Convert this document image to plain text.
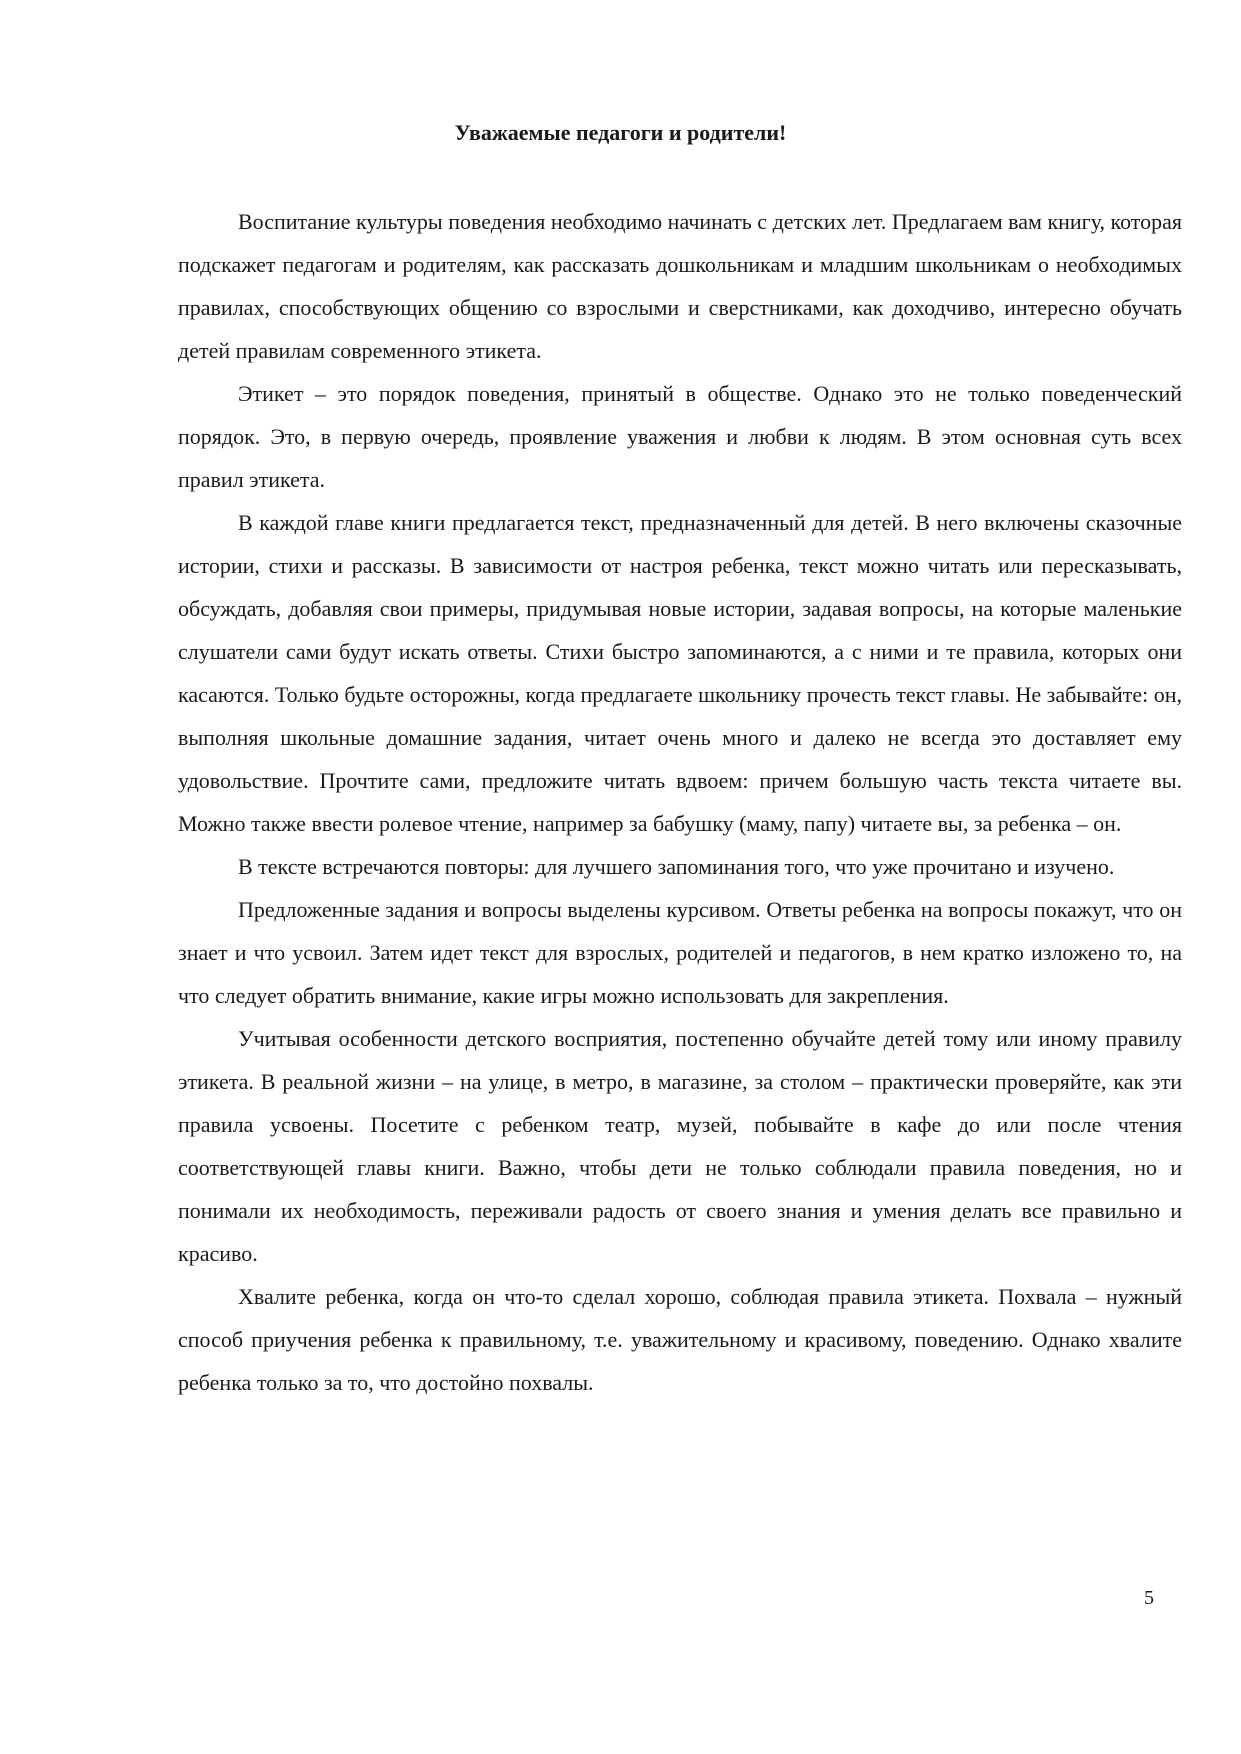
Уважаемые педагоги и родители!

Воспитание культуры поведения необходимо начинать с детских лет. Предлагаем вам книгу, которая подскажет педагогам и родителям, как рассказать дошкольникам и младшим школьникам о необходимых правилах, способствующих общению со взрослыми и сверстниками, как доходчиво, интересно обучать детей правилам современного этикета.

Этикет – это порядок поведения, принятый в обществе. Однако это не только поведенческий порядок. Это, в первую очередь, проявление уважения и любви к людям. В этом основная суть всех правил этикета.

В каждой главе книги предлагается текст, предназначенный для детей. В него включены сказочные истории, стихи и рассказы. В зависимости от настроя ребенка, текст можно читать или пересказывать, обсуждать, добавляя свои примеры, придумывая новые истории, задавая вопросы, на которые маленькие слушатели сами будут искать ответы. Стихи быстро запоминаются, а с ними и те правила, которых они касаются. Только будьте осторожны, когда предлагаете школьнику прочесть текст главы. Не забывайте: он, выполняя школьные домашние задания, читает очень много и далеко не всегда это доставляет ему удовольствие. Прочтите сами, предложите читать вдвоем: причем большую часть текста читаете вы. Можно также ввести ролевое чтение, например за бабушку (маму, папу) читаете вы, за ребенка – он.

В тексте встречаются повторы: для лучшего запоминания того, что уже прочитано и изучено.

Предложенные задания и вопросы выделены курсивом. Ответы ребенка на вопросы покажут, что он знает и что усвоил. Затем идет текст для взрослых, родителей и педагогов, в нем кратко изложено то, на что следует обратить внимание, какие игры можно использовать для закрепления.

Учитывая особенности детского восприятия, постепенно обучайте детей тому или иному правилу этикета. В реальной жизни – на улице, в метро, в магазине, за столом – практически проверяйте, как эти правила усвоены. Посетите с ребенком театр, музей, побывайте в кафе до или после чтения соответствующей главы книги. Важно, чтобы дети не только соблюдали правила поведения, но и понимали их необходимость, переживали радость от своего знания и умения делать все правильно и красиво.

Хвалите ребенка, когда он что-то сделал хорошо, соблюдая правила этикета. Похвала – нужный способ приучения ребенка к правильному, т.е. уважительному и красивому, поведению. Однако хвалите ребенка только за то, что достойно похвалы.

5
